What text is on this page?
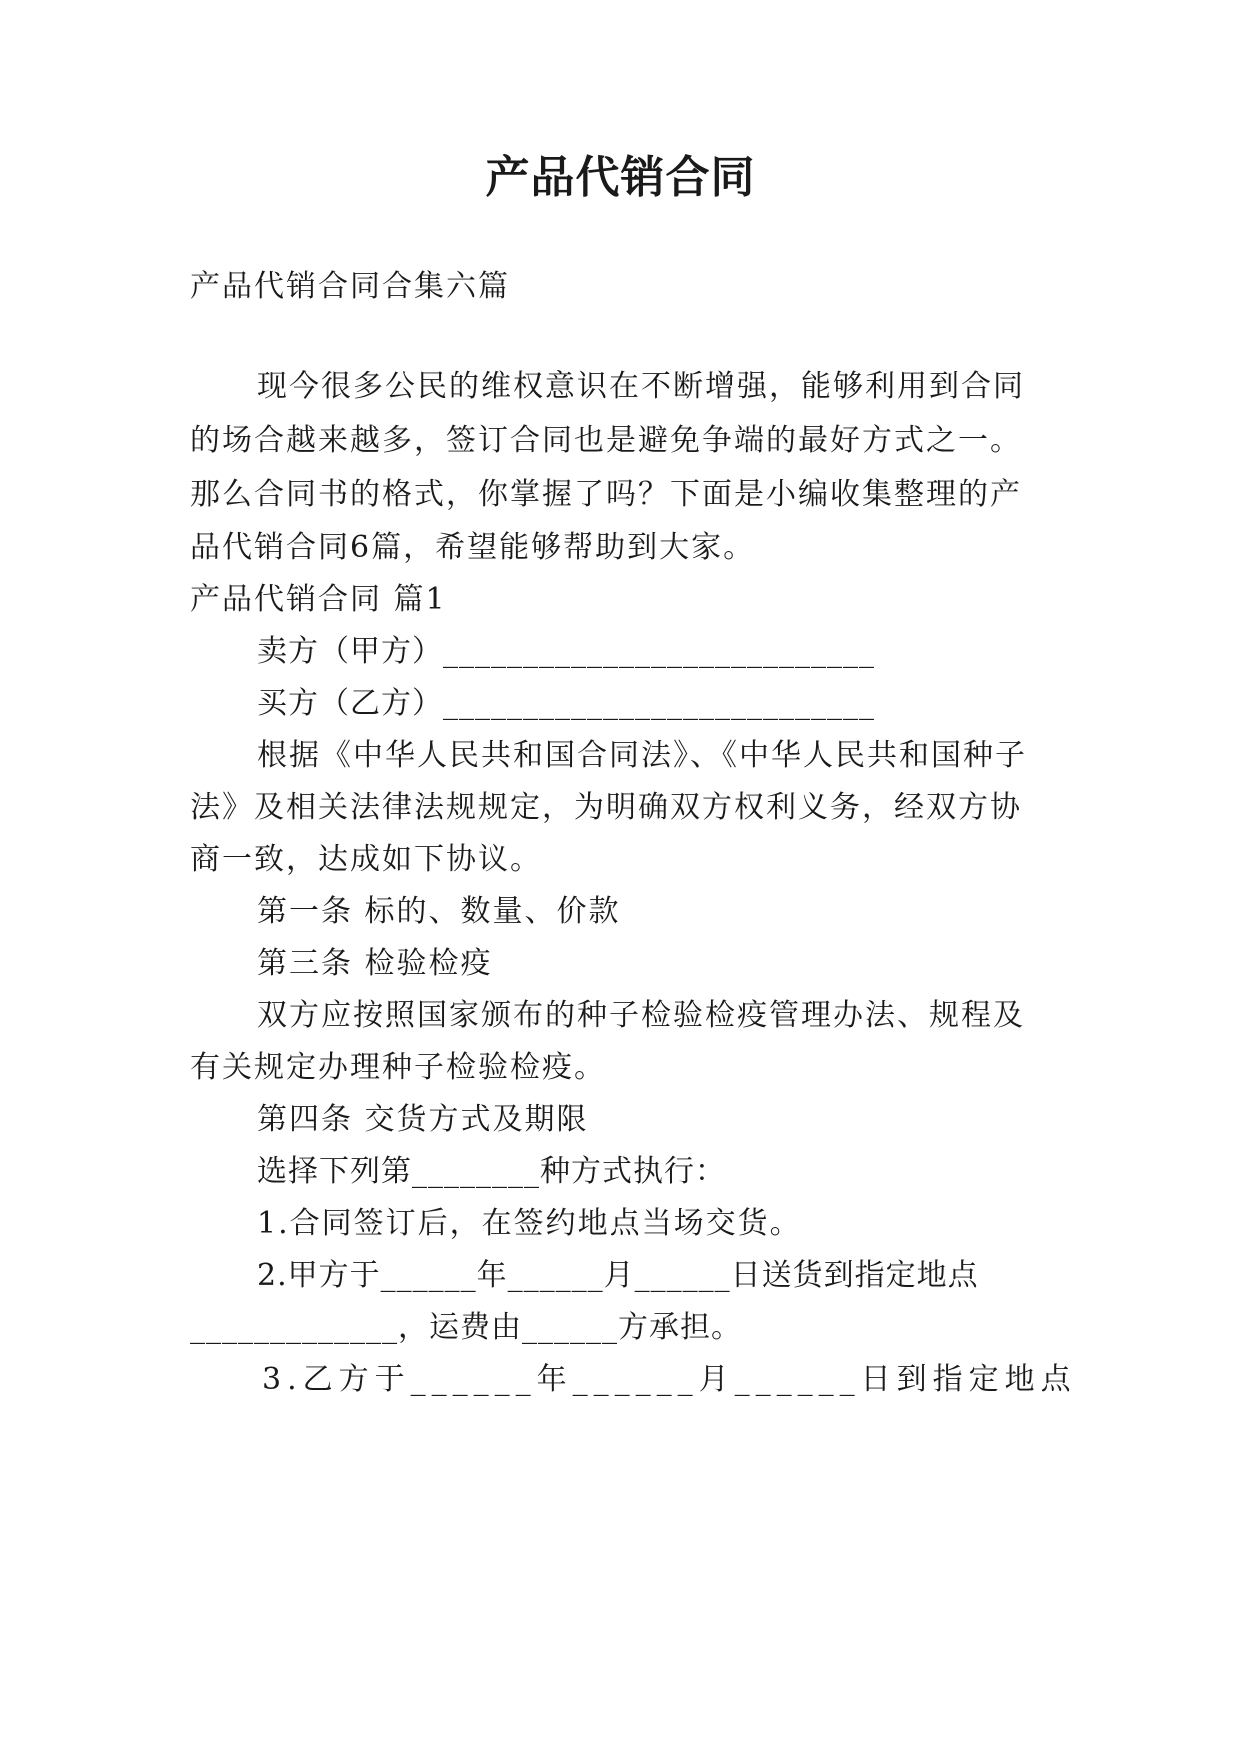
产品代销合同
产品代销合同合集六篇
现今很多公民的维权意识在不断增强，能够利用到合同
的场合越来越多，签订合同也是避免争端的最好方式之一。
那么合同书的格式，你掌握了吗？下面是小编收集整理的产
品代销合同6篇，希望能够帮助到大家。
产品代销合同 篇1
卖方（甲方）___________________________
买方（乙方）___________________________
根据《中华人民共和国合同法》、《中华人民共和国种子
法》及相关法律法规规定，为明确双方权利义务，经双方协
商一致，达成如下协议。
第一条 标的、数量、价款
第三条 检验检疫
双方应按照国家颁布的种子检验检疫管理办法、规程及
有关规定办理种子检验检疫。
第四条 交货方式及期限
选择下列第________种方式执行：
1.合同签订后，在签约地点当场交货。
2.甲方于______年______月______日送货到指定地点
_____________，运费由______方承担。
3.乙方于______年______月______日到指定地点
